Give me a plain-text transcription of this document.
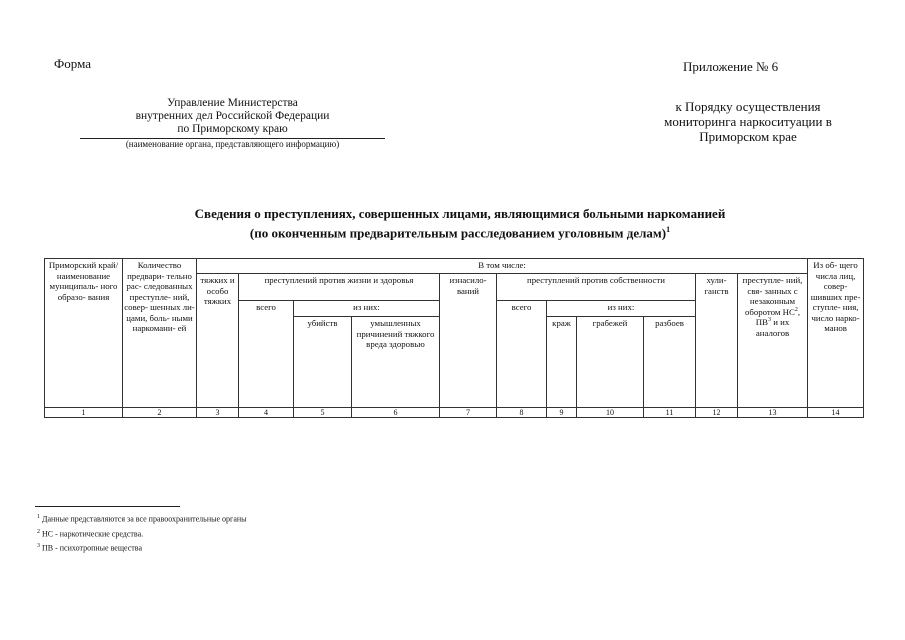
Форма	Приложение № 6
Управление Министерства
внутренних дел Российской Федерации
по Приморскому краю
(наименование органа, представляющего информацию)
к Порядку осуществления
мониторинга наркоситуации в
Приморском крае
Сведения о преступлениях, совершенных лицами, являющимися больными наркоманией
(по оконченным предварительным расследованием уголовным делам)$^1$
Приморский край/ наименование муниципаль- ного образо- вания	Количество предвари- тельно рас- следованных преступле- ний, совер- шенных ли- цами, боль- ными наркомани- ей	В том числе:											Из об- щего числа лиц, совер- шивших пре- ступле- ния, число нарко- манов
		тяжких и особо тяжких	преступлений против жизни и здоровья			изнасило- ваний	преступлений против собственности				хули- ганств	преступле- ний, свя- занных с незаконным оборотом $НС^2$, $ПВ^3$ и их аналогов	
			всего	из них:			всего	из них:					
				убийств	умышленных причинений тяжкого вреда здоровью			краж	грабежей	разбоев			
1	2	3	4	5	6	7	8	9	10	11	12	13	14
$^1$ Данные представляются за все правоохранительные органы
$^2$ НС - наркотические средства.
$^3$ ПВ - психотропные вещества
